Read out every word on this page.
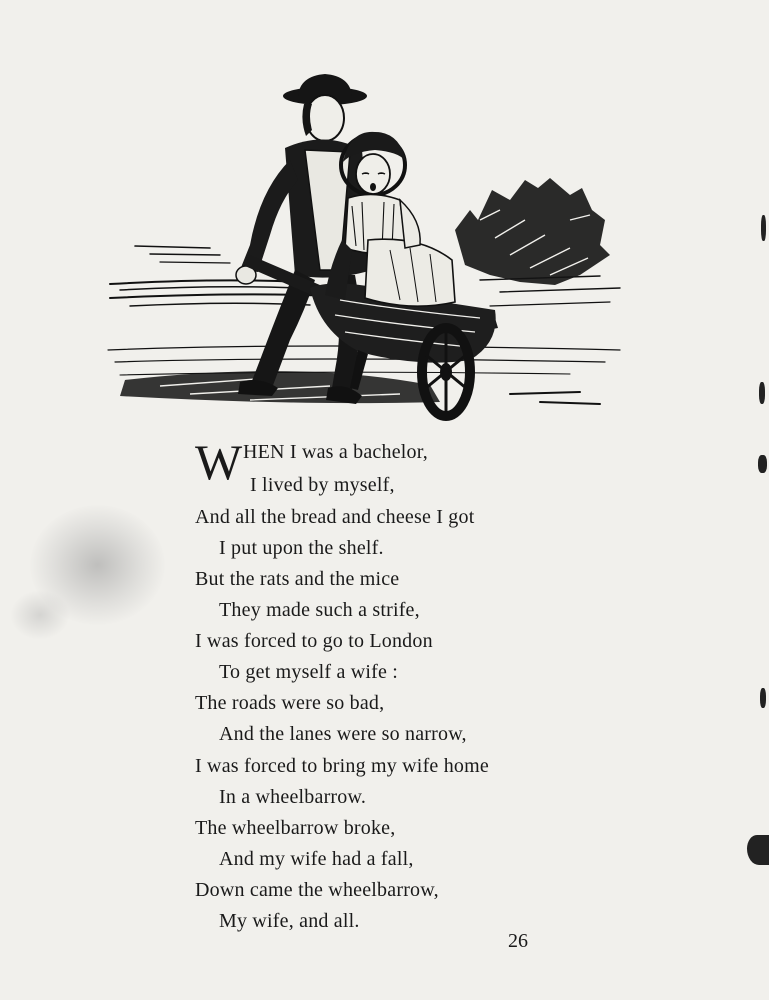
W HEN I was a bachelor,
I lived by myself,
And all the bread and cheese I got
I put upon the shelf.
But the rats and the mice
They made such a strife,
I was forced to go to London
To get myself a wife :
The roads were so bad,
And the lanes were so narrow,
I was forced to bring my wife home
In a wheelbarrow.
The wheelbarrow broke,
And my wife had a fall,
Down came the wheelbarrow,
My wife, and all.
26
